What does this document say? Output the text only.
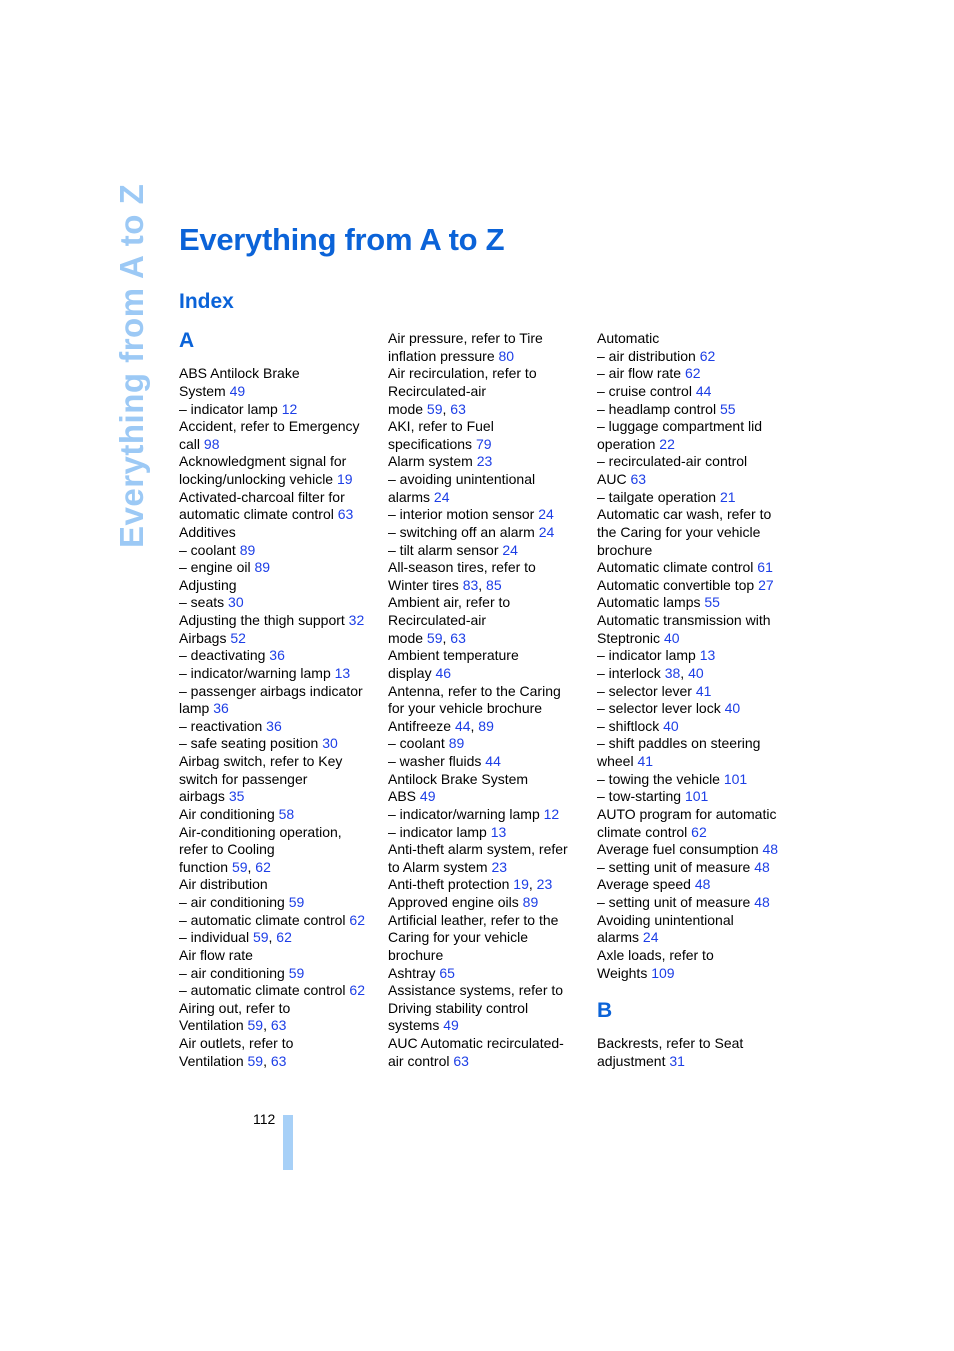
Everything from A to Z Everything from A to Z
Index
A
ABS Antilock Brake
System 49
– indicator lamp 12
Accident, refer to Emergency
call 98
Acknowledgment signal for
locking/unlocking vehicle 19
Activated-charcoal filter for
automatic climate control 63
Additives
– coolant 89
– engine oil 89
Adjusting
– seats 30
Adjusting the thigh support 32
Airbags 52
– deactivating 36
– indicator/warning lamp 13
– passenger airbags indicator
lamp 36
– reactivation 36
– safe seating position 30
Airbag switch, refer to Key
switch for passenger
airbags 35
Air conditioning 58
Air-conditioning operation,
refer to Cooling
function 59, 62
Air distribution
– air conditioning 59
– automatic climate control 62
– individual 59, 62
Air flow rate
– air conditioning 59
– automatic climate control 62
Airing out, refer to
Ventilation 59, 63
Air outlets, refer to
Ventilation 59, 63
Air pressure, refer to Tire
inflation pressure 80
Air recirculation, refer to
Recirculated-air
mode 59, 63
AKI, refer to Fuel
specifications 79
Alarm system 23
– avoiding unintentional
alarms 24
– interior motion sensor 24
– switching off an alarm 24
– tilt alarm sensor 24
All-season tires, refer to
Winter tires 83, 85
Ambient air, refer to
Recirculated-air
mode 59, 63
Ambient temperature
display 46
Antenna, refer to the Caring
for your vehicle brochure
Antifreeze 44, 89
– coolant 89
– washer fluids 44
Antilock Brake System
ABS 49
– indicator/warning lamp 12
– indicator lamp 13
Anti-theft alarm system, refer
to Alarm system 23
Anti-theft protection 19, 23
Approved engine oils 89
Artificial leather, refer to the
Caring for your vehicle
brochure
Ashtray 65
Assistance systems, refer to
Driving stability control
systems 49
AUC Automatic recirculated-
air control 63
Automatic
– air distribution 62
– air flow rate 62
– cruise control 44
– headlamp control 55
– luggage compartment lid
operation 22
– recirculated-air control
AUC 63
– tailgate operation 21
Automatic car wash, refer to
the Caring for your vehicle
brochure
Automatic climate control 61
Automatic convertible top 27
Automatic lamps 55
Automatic transmission with
Steptronic 40
– indicator lamp 13
– interlock 38, 40
– selector lever 41
– selector lever lock 40
– shiftlock 40
– shift paddles on steering
wheel 41
– towing the vehicle 101
– tow-starting 101
AUTO program for automatic
climate control 62
Average fuel consumption 48
– setting unit of measure 48
Average speed 48
– setting unit of measure 48
Avoiding unintentional
alarms 24
Axle loads, refer to
Weights 109
B
Backrests, refer to Seat
adjustment 31
112
